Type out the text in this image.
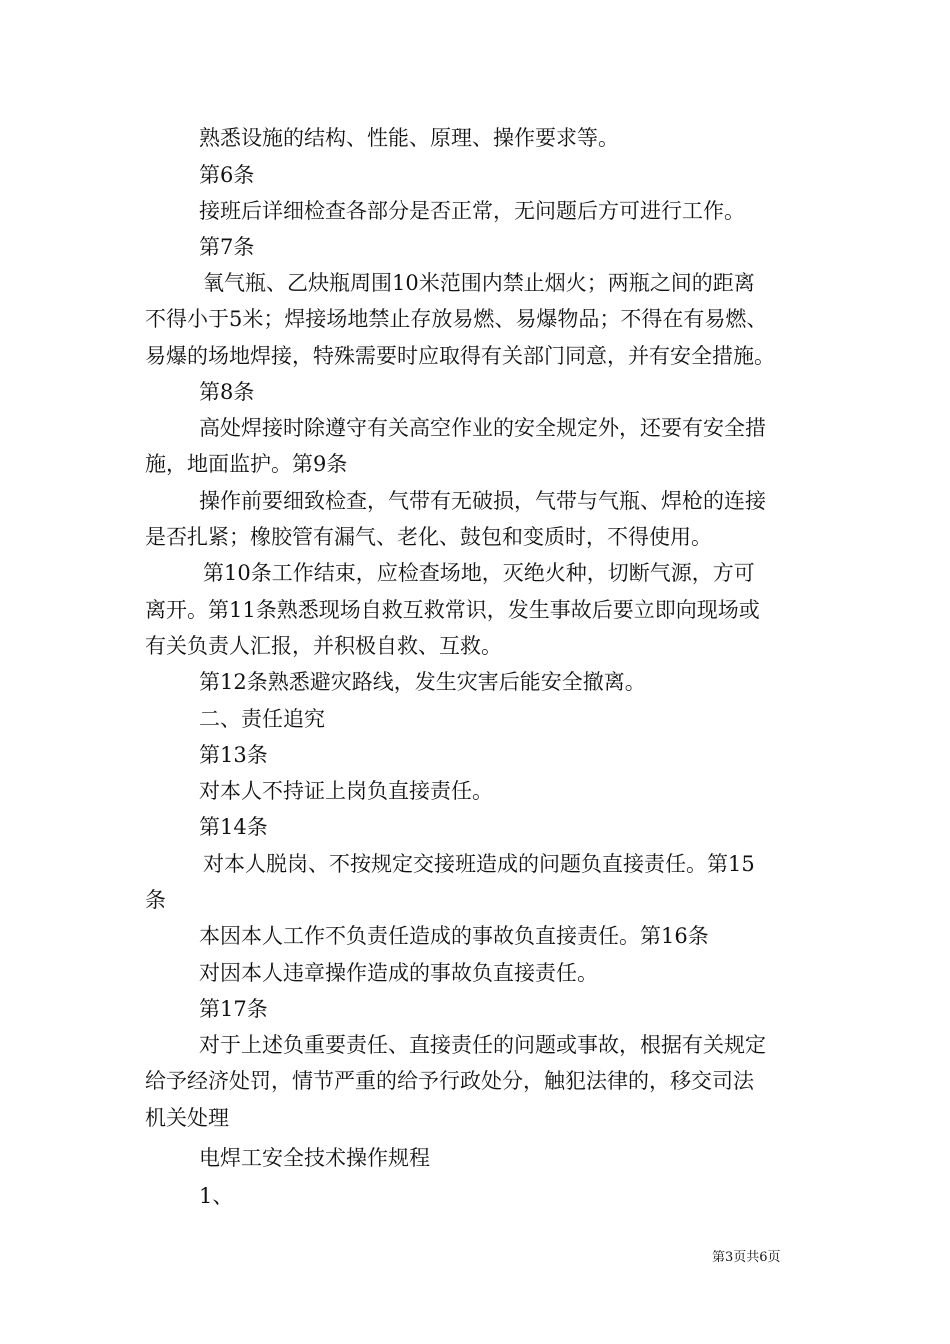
熟悉设施的结构、性能、原理、操作要求等。
第6条
接班后详细检查各部分是否正常，无问题后方可进行工作。
第7条
氧气瓶、乙炔瓶周围10米范围内禁止烟火；两瓶之间的距离
不得小于5米；焊接场地禁止存放易燃、易爆物品；不得在有易燃、
易爆的场地焊接，特殊需要时应取得有关部门同意，并有安全措施。
第8条
高处焊接时除遵守有关高空作业的安全规定外，还要有安全措
施，地面监护。第9条
操作前要细致检查，气带有无破损，气带与气瓶、焊枪的连接
是否扎紧；橡胶管有漏气、老化、鼓包和变质时，不得使用。
第10条工作结束，应检查场地，灭绝火种，切断气源，方可
离开。第11条熟悉现场自救互救常识，发生事故后要立即向现场或
有关负责人汇报，并积极自救、互救。
第12条熟悉避灾路线，发生灾害后能安全撤离。
二、责任追究
第13条
对本人不持证上岗负直接责任。
第14条
对本人脱岗、不按规定交接班造成的问题负直接责任。第15
条
本因本人工作不负责任造成的事故负直接责任。第16条
对因本人违章操作造成的事故负直接责任。
第17条
对于上述负重要责任、直接责任的问题或事故，根据有关规定
给予经济处罚，情节严重的给予行政处分，触犯法律的，移交司法
机关处理
电焊工安全技术操作规程
1、
第3页共6页
